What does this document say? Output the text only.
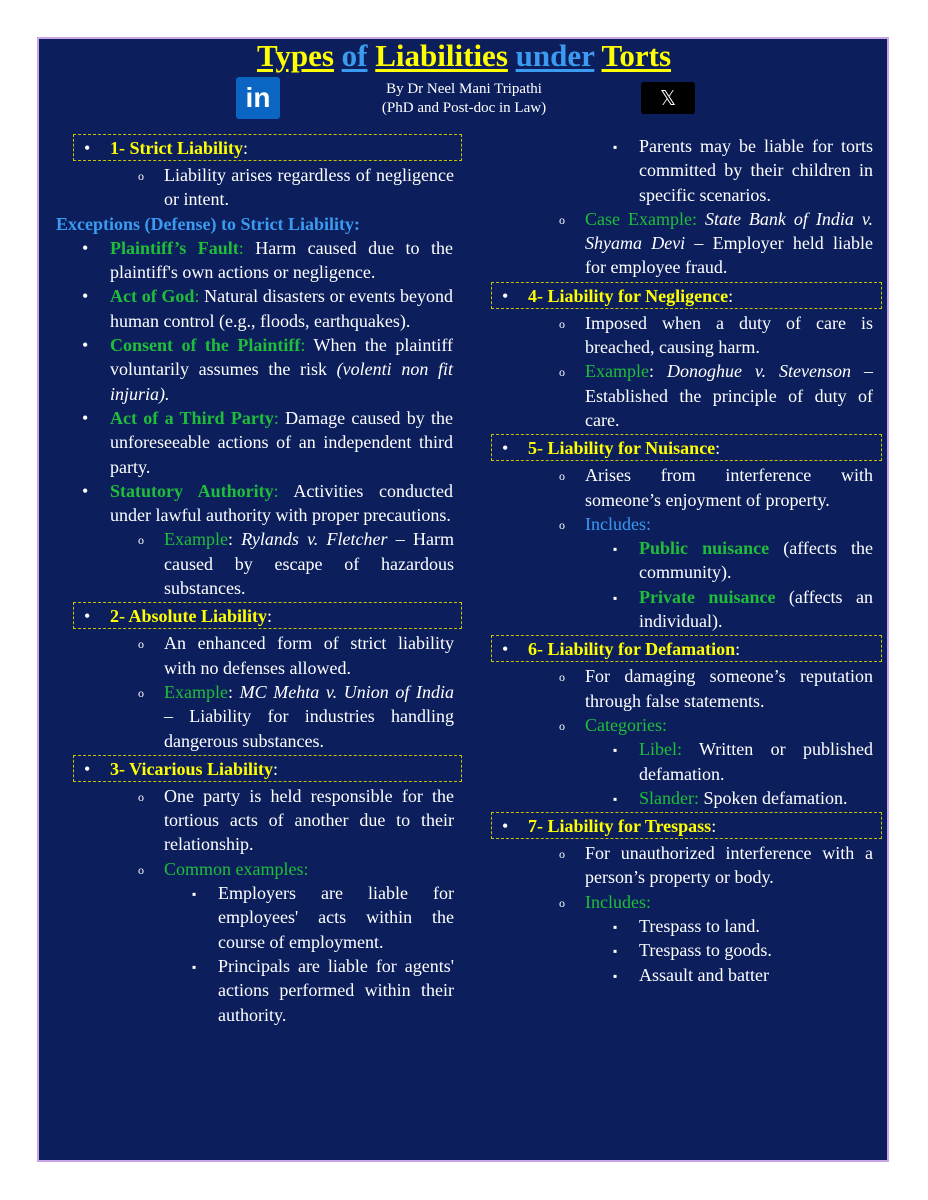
Types of Liabilities under Torts
By Dr Neel Mani Tripathi
(PhD and Post-doc in Law)
in	𝕏
• 1- Strict Liability:
o Liability arises regardless of negligence or intent.
Exceptions (Defense) to Strict Liability:
• Plaintiff’s Fault: Harm caused due to the plaintiff's own actions or negligence.
• Act of God: Natural disasters or events beyond human control (e.g., floods, earthquakes).
• Consent of the Plaintiff: When the plaintiff voluntarily assumes the risk (volenti non fit injuria).
• Act of a Third Party: Damage caused by the unforeseeable actions of an independent third party.
• Statutory Authority: Activities conducted under lawful authority with proper precautions.
o Example: Rylands v. Fletcher – Harm caused by escape of hazardous substances.
• 2- Absolute Liability:
o An enhanced form of strict liability with no defenses allowed.
o Example: MC Mehta v. Union of India – Liability for industries handling dangerous substances.
• 3- Vicarious Liability:
o One party is held responsible for the tortious acts of another due to their relationship.
o Common examples:
▪ Employers are liable for employees' acts within the course of employment.
▪ Principals are liable for agents' actions performed within their authority.
▪ Parents may be liable for torts committed by their children in specific scenarios.
o Case Example: State Bank of India v. Shyama Devi – Employer held liable for employee fraud.
• 4- Liability for Negligence:
o Imposed when a duty of care is breached, causing harm.
o Example: Donoghue v. Stevenson – Established the principle of duty of care.
• 5- Liability for Nuisance:
o Arises from interference with someone’s enjoyment of property.
o Includes:
▪ Public nuisance (affects the community).
▪ Private nuisance (affects an individual).
• 6- Liability for Defamation:
o For damaging someone’s reputation through false statements.
o Categories:
▪ Libel: Written or published defamation.
▪ Slander: Spoken defamation.
• 7- Liability for Trespass:
o For unauthorized interference with a person’s property or body.
o Includes:
▪ Trespass to land.
▪ Trespass to goods.
▪ Assault and batter
